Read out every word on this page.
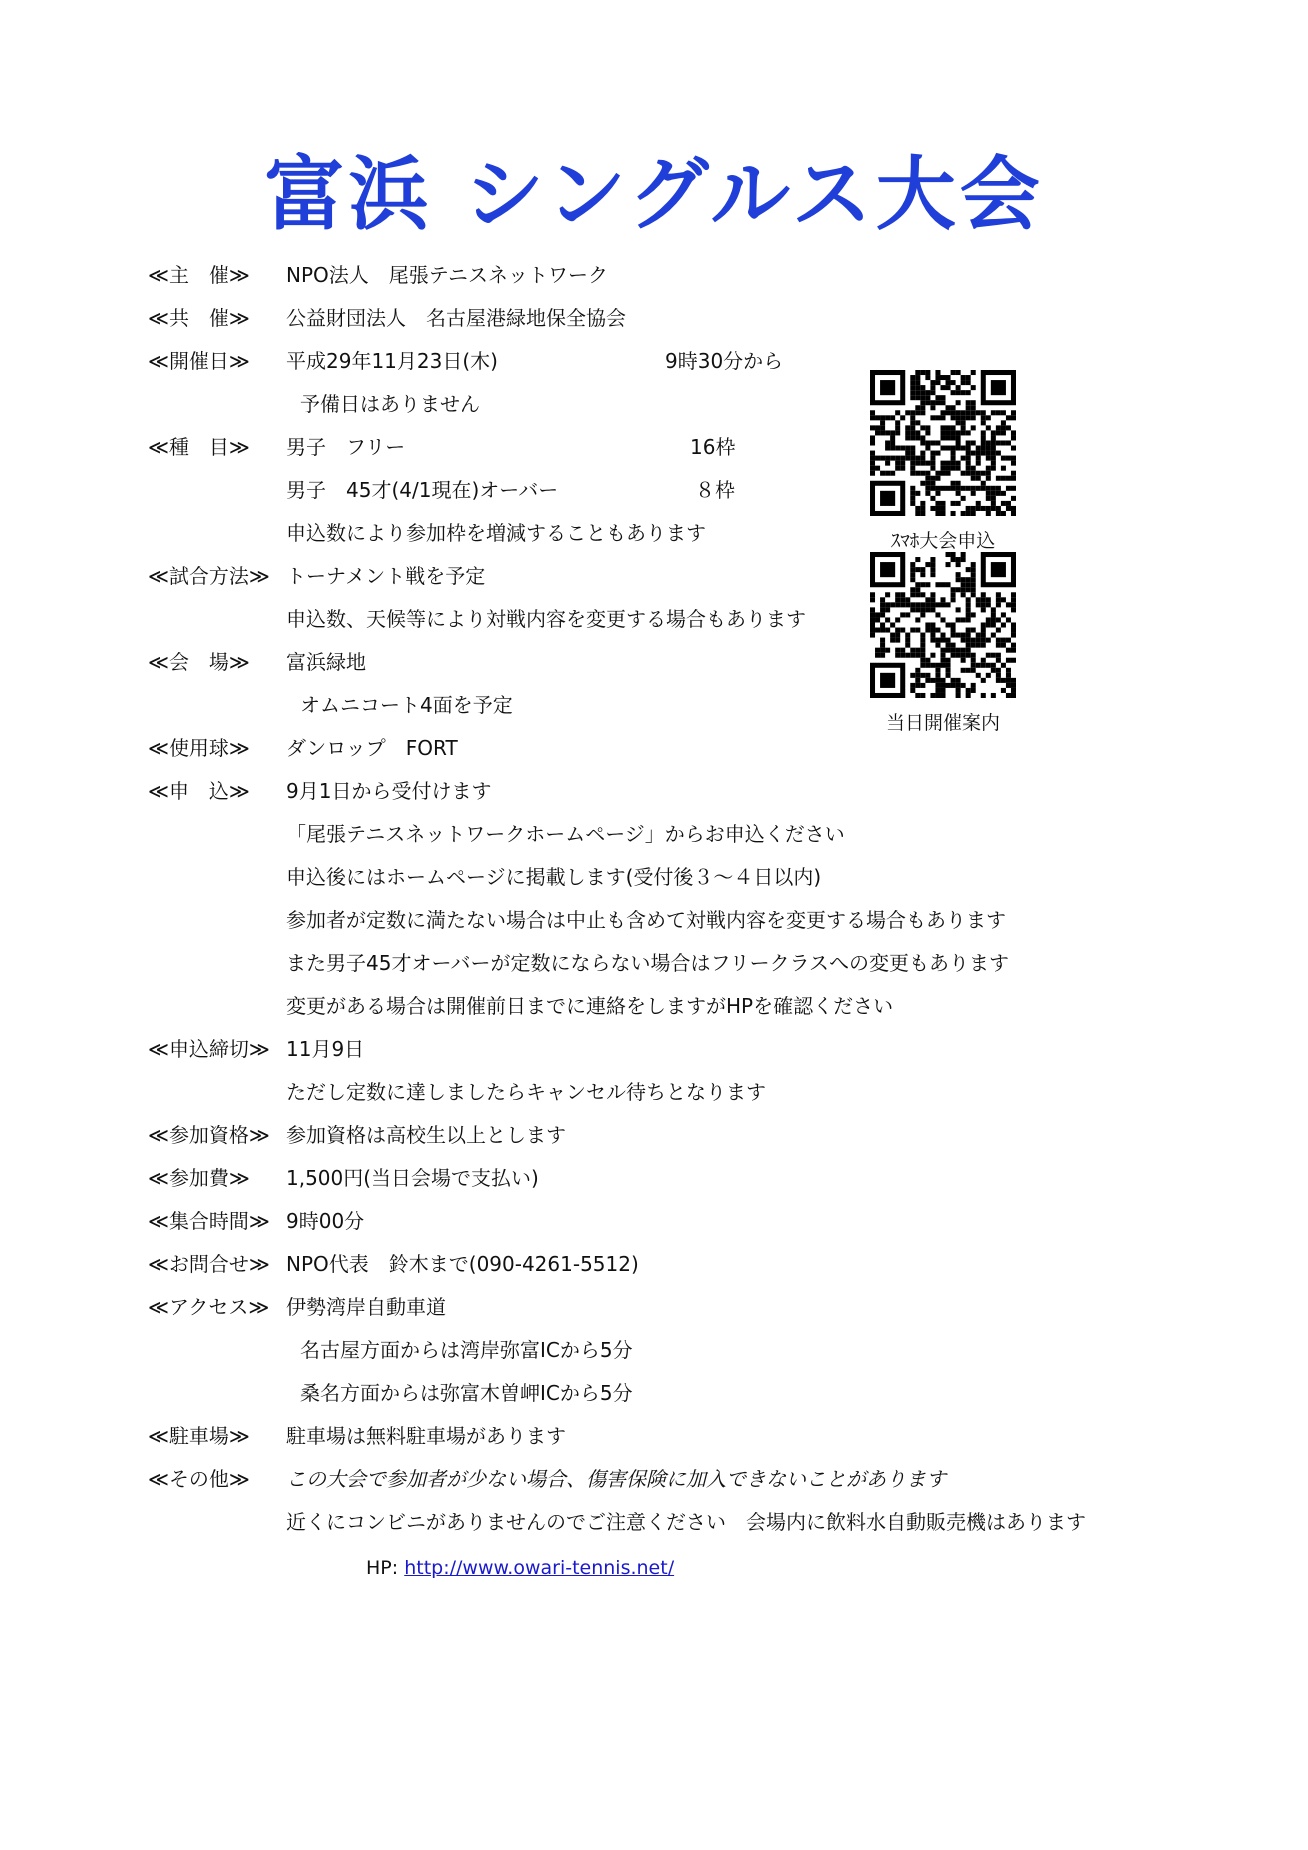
富浜 シングルス大会
≪主　催≫	NPO法人　尾張テニスネットワーク
≪共　催≫	公益財団法人　名古屋港緑地保全協会
≪開催日≫	平成29年11月23日(木)	9時30分から
予備日はありません
≪種　目≫	男子　フリー	16枠
男子　45才(4/1現在)オーバー	８枠
申込数により参加枠を増減することもあります
≪試合方法≫ トーナメント戦を予定
申込数、天候等により対戦内容を変更する場合もあります
≪会　場≫	富浜緑地
オムニコート4面を予定
≪使用球≫	ダンロップ　FORT
≪申　込≫	9月1日から受付けます
「尾張テニスネットワークホームページ」からお申込ください
申込後にはホームページに掲載します(受付後３～４日以内)
参加者が定数に満たない場合は中止も含めて対戦内容を変更する場合もあります
また男子45才オーバーが定数にならない場合はフリークラスへの変更もあります
変更がある場合は開催前日までに連絡をしますがHPを確認ください
≪申込締切≫ 11月9日
ただし定数に達しましたらキャンセル待ちとなります
≪参加資格≫ 参加資格は高校生以上とします
≪参加費≫	1,500円(当日会場で支払い)
≪集合時間≫ 9時00分
≪お問合せ≫ NPO代表　鈴木まで(090-4261-5512)
≪アクセス≫ 伊勢湾岸自動車道
名古屋方面からは湾岸弥富ICから5分
桑名方面からは弥富木曽岬ICから5分
≪駐車場≫	駐車場は無料駐車場があります
≪その他≫	この大会で参加者が少ない場合、傷害保険に加入できないことがあります
近くにコンビニがありませんのでご注意ください　会場内に飲料水自動販売機はあります
ｽﾏﾎ大会申込
当日開催案内
HP: http://www.owari-tennis.net/
